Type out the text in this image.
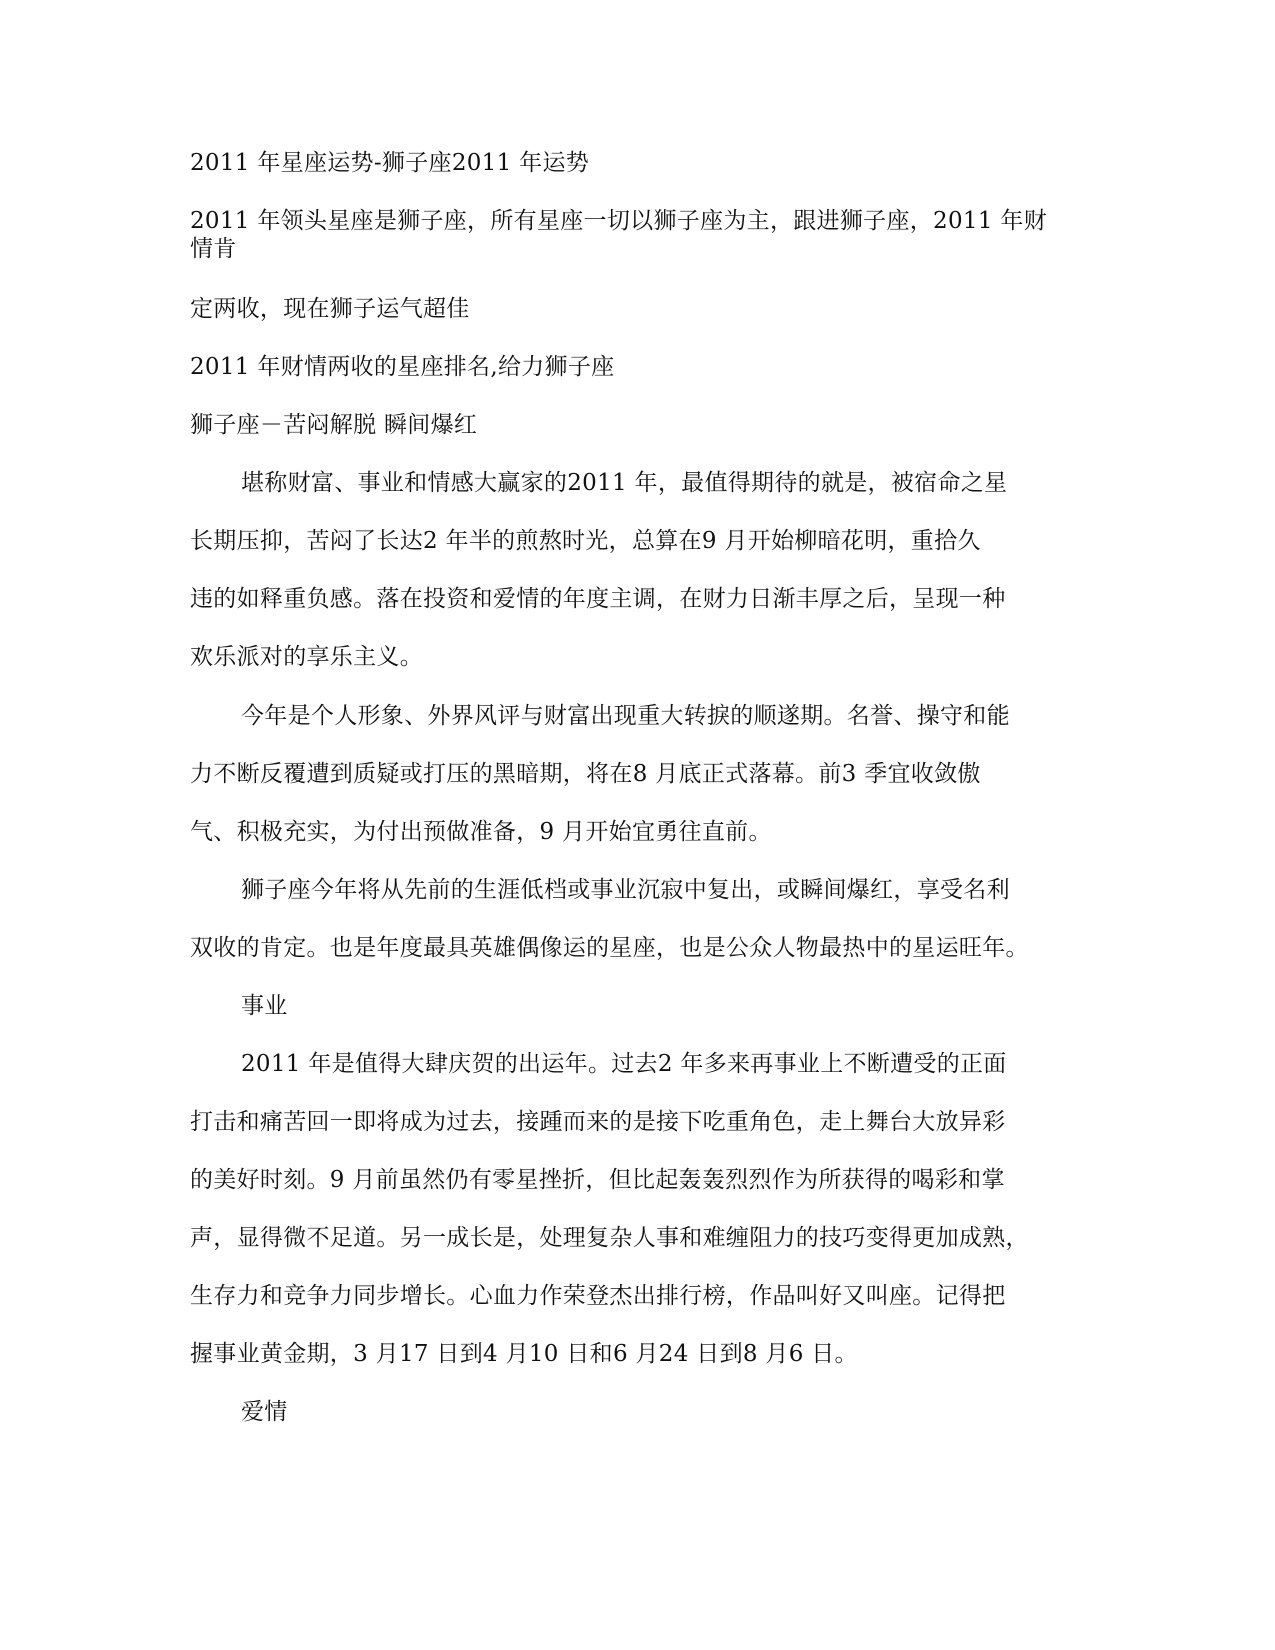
2011 年星座运势-狮子座2011 年运势
2011 年领头星座是狮子座，所有星座一切以狮子座为主，跟进狮子座，2011 年财
情肯
定两收，现在狮子运气超佳
2011 年财情两收的星座排名,给力狮子座
狮子座－苦闷解脱 瞬间爆红
堪称财富、事业和情感大赢家的2011 年，最值得期待的就是，被宿命之星
长期压抑，苦闷了长达2 年半的煎熬时光，总算在9 月开始柳暗花明，重拾久
违的如释重负感。落在投资和爱情的年度主调，在财力日渐丰厚之后，呈现一种
欢乐派对的享乐主义。
今年是个人形象、外界风评与财富出现重大转捩的顺遂期。名誉、操守和能
力不断反覆遭到质疑或打压的黑暗期，将在8 月底正式落幕。前3 季宜收敛傲
气、积极充实，为付出预做准备，9 月开始宜勇往直前。
狮子座今年将从先前的生涯低档或事业沉寂中复出，或瞬间爆红，享受名利
双收的肯定。也是年度最具英雄偶像运的星座，也是公众人物最热中的星运旺年。
事业
2011 年是值得大肆庆贺的出运年。过去2 年多来再事业上不断遭受的正面
打击和痛苦回一即将成为过去，接踵而来的是接下吃重角色，走上舞台大放异彩
的美好时刻。9 月前虽然仍有零星挫折，但比起轰轰烈烈作为所获得的喝彩和掌
声，显得微不足道。另一成长是，处理复杂人事和难缠阻力的技巧变得更加成熟，
生存力和竞争力同步增长。心血力作荣登杰出排行榜，作品叫好又叫座。记得把
握事业黄金期，3 月17 日到4 月10 日和6 月24 日到8 月6 日。
爱情
